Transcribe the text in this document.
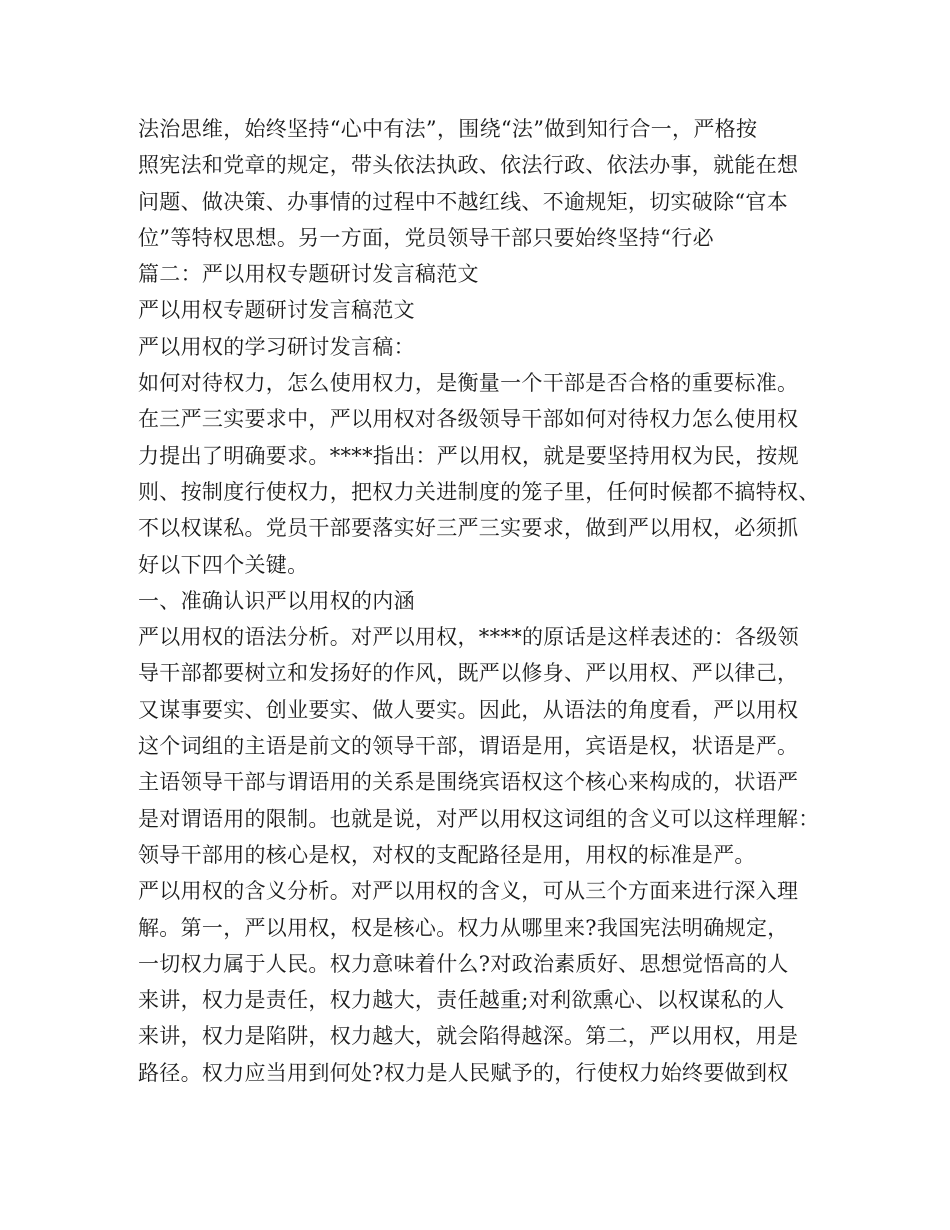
法治思维，始终坚持“心中有法”，围绕“法”做到知行合一，严格按
照宪法和党章的规定，带头依法执政、依法行政、依法办事，就能在想
问题、做决策、办事情的过程中不越红线、不逾规矩，切实破除“官本
位”等特权思想。另一方面，党员领导干部只要始终坚持“行必
篇二：严以用权专题研讨发言稿范文
严以用权专题研讨发言稿范文
严以用权的学习研讨发言稿：
如何对待权力，怎么使用权力，是衡量一个干部是否合格的重要标准。
在三严三实要求中，严以用权对各级领导干部如何对待权力怎么使用权
力提出了明确要求。****指出：严以用权，就是要坚持用权为民，按规
则、按制度行使权力，把权力关进制度的笼子里，任何时候都不搞特权、
不以权谋私。党员干部要落实好三严三实要求，做到严以用权，必须抓
好以下四个关键。
一、准确认识严以用权的内涵
严以用权的语法分析。对严以用权，****的原话是这样表述的：各级领
导干部都要树立和发扬好的作风，既严以修身、严以用权、严以律己，
又谋事要实、创业要实、做人要实。因此，从语法的角度看，严以用权
这个词组的主语是前文的领导干部，谓语是用，宾语是权，状语是严。
主语领导干部与谓语用的关系是围绕宾语权这个核心来构成的，状语严
是对谓语用的限制。也就是说，对严以用权这词组的含义可以这样理解：
领导干部用的核心是权，对权的支配路径是用，用权的标准是严。
严以用权的含义分析。对严以用权的含义，可从三个方面来进行深入理
解。第一，严以用权，权是核心。权力从哪里来?我国宪法明确规定，
一切权力属于人民。权力意味着什么?对政治素质好、思想觉悟高的人
来讲，权力是责任，权力越大，责任越重;对利欲熏心、以权谋私的人
来讲，权力是陷阱，权力越大，就会陷得越深。第二，严以用权，用是
路径。权力应当用到何处?权力是人民赋予的，行使权力始终要做到权
